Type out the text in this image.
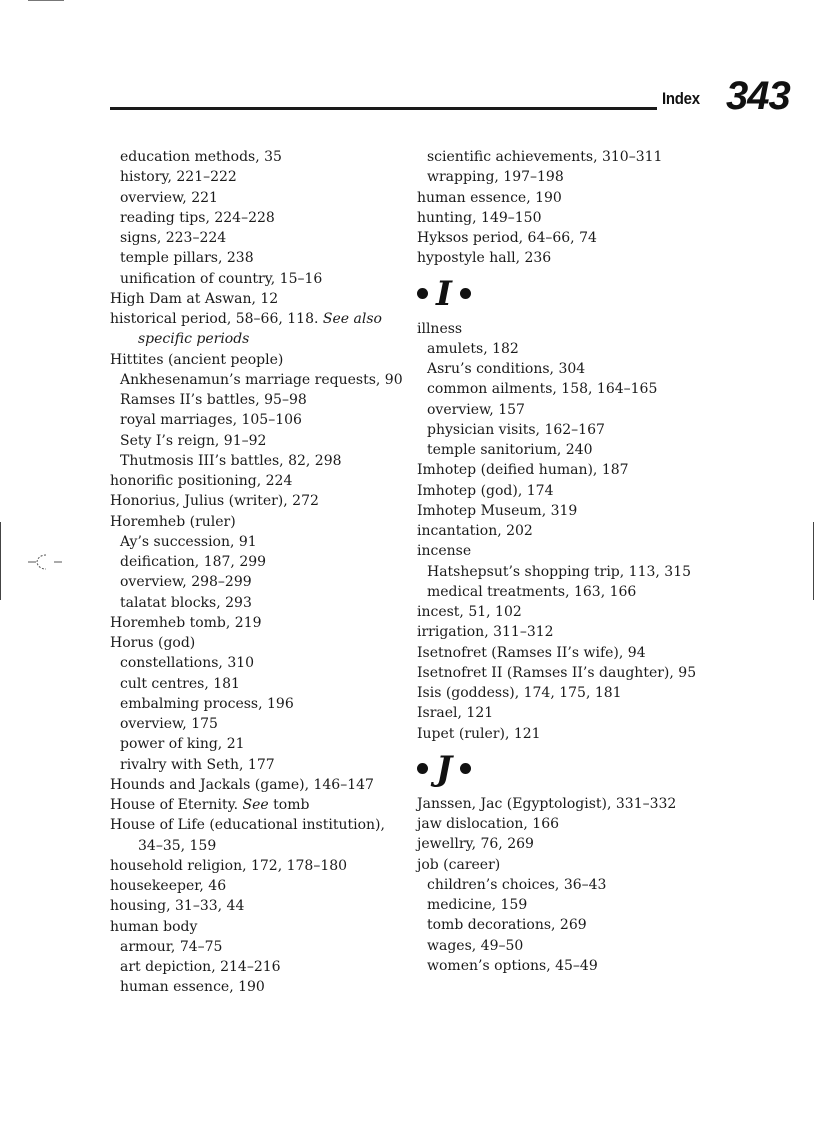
Index 343
education methods, 35
history, 221–222
overview, 221
reading tips, 224–228
signs, 223–224
temple pillars, 238
unification of country, 15–16
High Dam at Aswan, 12
historical period, 58–66, 118. See also
specific periods
Hittites (ancient people)
Ankhesenamun’s marriage requests, 90
Ramses II’s battles, 95–98
royal marriages, 105–106
Sety I’s reign, 91–92
Thutmosis III’s battles, 82, 298
honorific positioning, 224
Honorius, Julius (writer), 272
Horemheb (ruler)
Ay’s succession, 91
deification, 187, 299
overview, 298–299
talatat blocks, 293
Horemheb tomb, 219
Horus (god)
constellations, 310
cult centres, 181
embalming process, 196
overview, 175
power of king, 21
rivalry with Seth, 177
Hounds and Jackals (game), 146–147
House of Eternity. See tomb
House of Life (educational institution),
34–35, 159
household religion, 172, 178–180
housekeeper, 46
housing, 31–33, 44
human body
armour, 74–75
art depiction, 214–216
human essence, 190
scientific achievements, 310–311
wrapping, 197–198
human essence, 190
hunting, 149–150
Hyksos period, 64–66, 74
hypostyle hall, 236
I
illness
amulets, 182
Asru’s conditions, 304
common ailments, 158, 164–165
overview, 157
physician visits, 162–167
temple sanitorium, 240
Imhotep (deified human), 187
Imhotep (god), 174
Imhotep Museum, 319
incantation, 202
incense
Hatshepsut’s shopping trip, 113, 315
medical treatments, 163, 166
incest, 51, 102
irrigation, 311–312
Isetnofret (Ramses II’s wife), 94
Isetnofret II (Ramses II’s daughter), 95
Isis (goddess), 174, 175, 181
Israel, 121
Iupet (ruler), 121
J
Janssen, Jac (Egyptologist), 331–332
jaw dislocation, 166
jewellry, 76, 269
job (career)
children’s choices, 36–43
medicine, 159
tomb decorations, 269
wages, 49–50
women’s options, 45–49
